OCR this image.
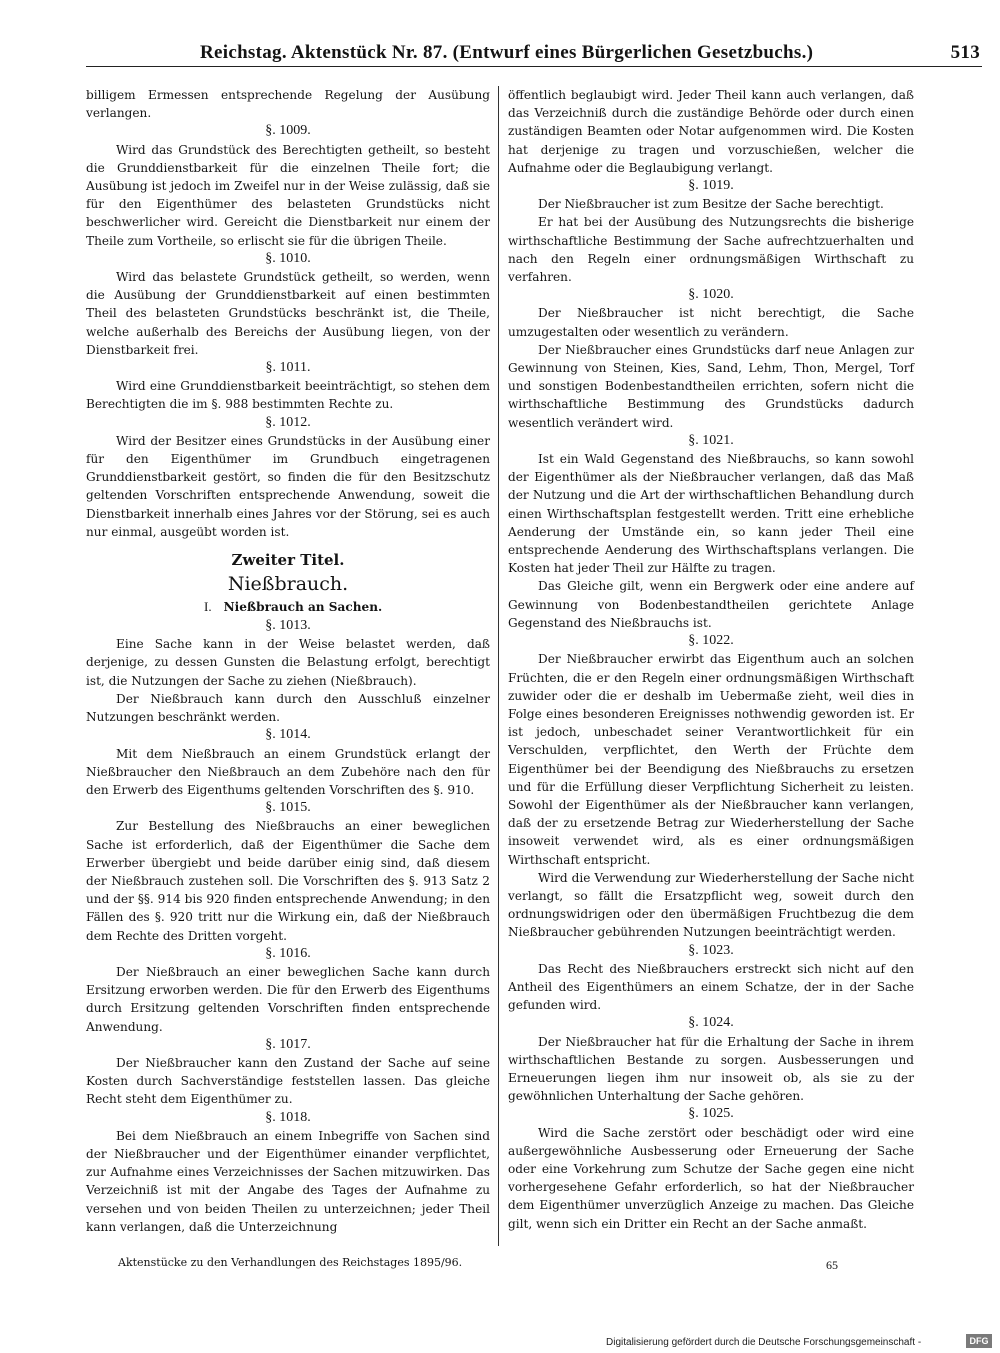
Reichstag. Aktenstück Nr. 87. (Entwurf eines Bürgerlichen Gesetzbuchs.)	513

billigem Ermessen entsprechende Regelung der Ausübung verlangen.

§. 1009.

Wird das Grundstück des Berechtigten getheilt, so besteht die Grunddienstbarkeit für die einzelnen Theile fort; die Ausübung ist jedoch im Zweifel nur in der Weise zulässig, daß sie für den Eigenthümer des belasteten Grundstücks nicht beschwerlicher wird. Gereicht die Dienstbarkeit nur einem der Theile zum Vortheile, so erlischt sie für die übrigen Theile.

§. 1010.

Wird das belastete Grundstück getheilt, so werden, wenn die Ausübung der Grunddienstbarkeit auf einen bestimmten Theil des belasteten Grundstücks beschränkt ist, die Theile, welche außerhalb des Bereichs der Ausübung liegen, von der Dienstbarkeit frei.

§. 1011.

Wird eine Grunddienstbarkeit beeinträchtigt, so stehen dem Berechtigten die im §. 988 bestimmten Rechte zu.

§. 1012.

Wird der Besitzer eines Grundstücks in der Ausübung einer für den Eigenthümer im Grundbuch eingetragenen Grunddienstbarkeit gestört, so finden die für den Besitzschutz geltenden Vorschriften entsprechende Anwendung, soweit die Dienstbarkeit innerhalb eines Jahres vor der Störung, sei es auch nur einmal, ausgeübt worden ist.

Zweiter Titel.
Nießbrauch.
I. Nießbrauch an Sachen.
§. 1013.

Eine Sache kann in der Weise belastet werden, daß derjenige, zu dessen Gunsten die Belastung erfolgt, berechtigt ist, die Nutzungen der Sache zu ziehen (Nießbrauch).

Der Nießbrauch kann durch den Ausschluß einzelner Nutzungen beschränkt werden.

§. 1014.

Mit dem Nießbrauch an einem Grundstück erlangt der Nießbraucher den Nießbrauch an dem Zubehöre nach den für den Erwerb des Eigenthums geltenden Vorschriften des §. 910.

§. 1015.

Zur Bestellung des Nießbrauchs an einer beweglichen Sache ist erforderlich, daß der Eigenthümer die Sache dem Erwerber übergiebt und beide darüber einig sind, daß diesem der Nießbrauch zustehen soll. Die Vorschriften des §. 913 Satz 2 und der §§. 914 bis 920 finden entsprechende Anwendung; in den Fällen des §. 920 tritt nur die Wirkung ein, daß der Nießbrauch dem Rechte des Dritten vorgeht.

§. 1016.

Der Nießbrauch an einer beweglichen Sache kann durch Ersitzung erworben werden. Die für den Erwerb des Eigenthums durch Ersitzung geltenden Vorschriften finden entsprechende Anwendung.

§. 1017.

Der Nießbraucher kann den Zustand der Sache auf seine Kosten durch Sachverständige feststellen lassen. Das gleiche Recht steht dem Eigenthümer zu.

§. 1018.

Bei dem Nießbrauch an einem Inbegriffe von Sachen sind der Nießbraucher und der Eigenthümer einander verpflichtet, zur Aufnahme eines Verzeichnisses der Sachen mitzuwirken. Das Verzeichniß ist mit der Angabe des Tages der Aufnahme zu versehen und von beiden Theilen zu unterzeichnen; jeder Theil kann verlangen, daß die Unterzeichnung

öffentlich beglaubigt wird. Jeder Theil kann auch verlangen, daß das Verzeichniß durch die zuständige Behörde oder durch einen zuständigen Beamten oder Notar aufgenommen wird. Die Kosten hat derjenige zu tragen und vorzuschießen, welcher die Aufnahme oder die Beglaubigung verlangt.

§. 1019.

Der Nießbraucher ist zum Besitze der Sache berechtigt.

Er hat bei der Ausübung des Nutzungsrechts die bisherige wirthschaftliche Bestimmung der Sache aufrechtzuerhalten und nach den Regeln einer ordnungsmäßigen Wirthschaft zu verfahren.

§. 1020.

Der Nießbraucher ist nicht berechtigt, die Sache umzugestalten oder wesentlich zu verändern.

Der Nießbraucher eines Grundstücks darf neue Anlagen zur Gewinnung von Steinen, Kies, Sand, Lehm, Thon, Mergel, Torf und sonstigen Bodenbestandtheilen errichten, sofern nicht die wirthschaftliche Bestimmung des Grundstücks dadurch wesentlich verändert wird.

§. 1021.

Ist ein Wald Gegenstand des Nießbrauchs, so kann sowohl der Eigenthümer als der Nießbraucher verlangen, daß das Maß der Nutzung und die Art der wirthschaftlichen Behandlung durch einen Wirthschaftsplan festgestellt werden. Tritt eine erhebliche Aenderung der Umstände ein, so kann jeder Theil eine entsprechende Aenderung des Wirthschaftsplans verlangen. Die Kosten hat jeder Theil zur Hälfte zu tragen.

Das Gleiche gilt, wenn ein Bergwerk oder eine andere auf Gewinnung von Bodenbestandtheilen gerichtete Anlage Gegenstand des Nießbrauchs ist.

§. 1022.

Der Nießbraucher erwirbt das Eigenthum auch an solchen Früchten, die er den Regeln einer ordnungsmäßigen Wirthschaft zuwider oder die er deshalb im Uebermaße zieht, weil dies in Folge eines besonderen Ereignisses nothwendig geworden ist. Er ist jedoch, unbeschadet seiner Verantwortlichkeit für ein Verschulden, verpflichtet, den Werth der Früchte dem Eigenthümer bei der Beendigung des Nießbrauchs zu ersetzen und für die Erfüllung dieser Verpflichtung Sicherheit zu leisten. Sowohl der Eigenthümer als der Nießbraucher kann verlangen, daß der zu ersetzende Betrag zur Wiederherstellung der Sache insoweit verwendet wird, als es einer ordnungsmäßigen Wirthschaft entspricht.

Wird die Verwendung zur Wiederherstellung der Sache nicht verlangt, so fällt die Ersatzpflicht weg, soweit durch den ordnungswidrigen oder den übermäßigen Fruchtbezug die dem Nießbraucher gebührenden Nutzungen beeinträchtigt werden.

§. 1023.

Das Recht des Nießbrauchers erstreckt sich nicht auf den Antheil des Eigenthümers an einem Schatze, der in der Sache gefunden wird.

§. 1024.

Der Nießbraucher hat für die Erhaltung der Sache in ihrem wirthschaftlichen Bestande zu sorgen. Ausbesserungen und Erneuerungen liegen ihm nur insoweit ob, als sie zu der gewöhnlichen Unterhaltung der Sache gehören.

§. 1025.

Wird die Sache zerstört oder beschädigt oder wird eine außergewöhnliche Ausbesserung oder Erneuerung der Sache oder eine Vorkehrung zum Schutze der Sache gegen eine nicht vorhergesehene Gefahr erforderlich, so hat der Nießbraucher dem Eigenthümer unverzüglich Anzeige zu machen. Das Gleiche gilt, wenn sich ein Dritter ein Recht an der Sache anmaßt.

Aktenstücke zu den Verhandlungen des Reichstages 1895/96.	65
Digitalisierung gefördert durch die Deutsche Forschungsgemeinschaft -	DFG
